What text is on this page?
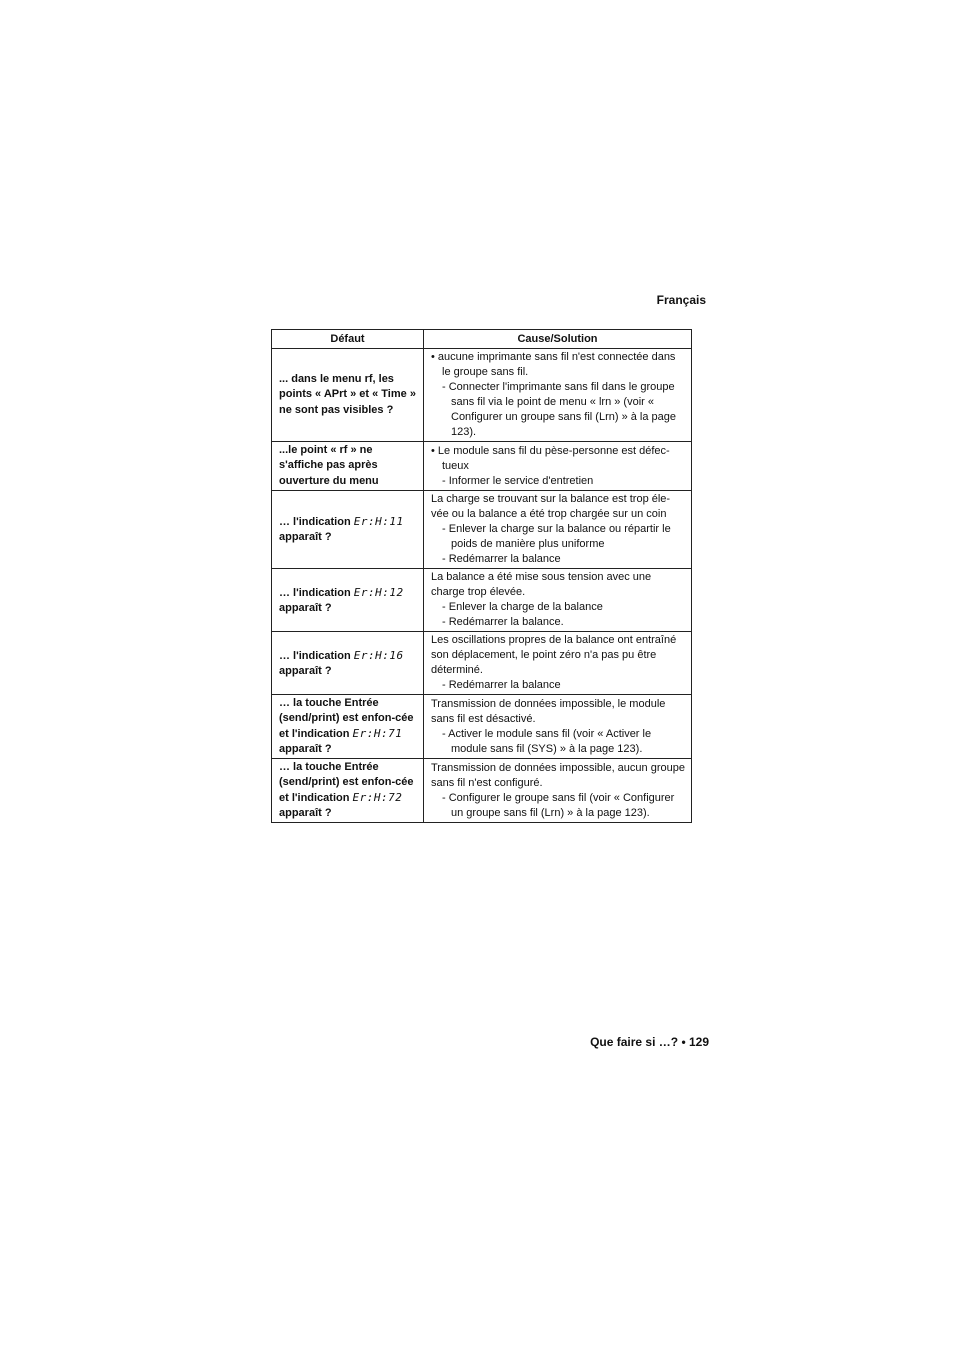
Français
Défaut	Cause/Solution
... dans le menu rf, les points « APrt » et « Time » ne sont pas visibles ?	• aucune imprimante sans fil n'est connectée dans le groupe sans fil.
- Connecter l'imprimante sans fil dans le groupe sans fil via le point de menu « lrn » (voir « Configurer un groupe sans fil (Lrn) » à la page 123).

...le point « rf » ne s'affiche pas après ouverture du menu	• Le module sans fil du pèse-personne est défec-tueux
- Informer le service d'entretien

… l'indication Er:H:11 apparaît ?	La charge se trouvant sur la balance est trop éle-vée ou la balance a été trop chargée sur un coin
- Enlever la charge sur la balance ou répartir le poids de manière plus uniforme
- Redémarrer la balance

… l'indication Er:H:12 apparaît ?	La balance a été mise sous tension avec une charge trop élevée.
- Enlever la charge de la balance
- Redémarrer la balance.

… l'indication Er:H:16 apparaît ?	Les oscillations propres de la balance ont entraîné son déplacement, le point zéro n'a pas pu être déterminé.
- Redémarrer la balance

… la touche Entrée (send/print) est enfon-cée et l'indication Er:H:71 apparaît ?	Transmission de données impossible, le module sans fil est désactivé.
- Activer le module sans fil (voir « Activer le module sans fil (SYS) » à la page 123).

… la touche Entrée (send/print) est enfon-cée et l'indication Er:H:72 apparaît ?	Transmission de données impossible, aucun groupe sans fil n'est configuré.
- Configurer le groupe sans fil (voir « Configurer un groupe sans fil (Lrn) » à la page 123).
Que faire si …? • 129
